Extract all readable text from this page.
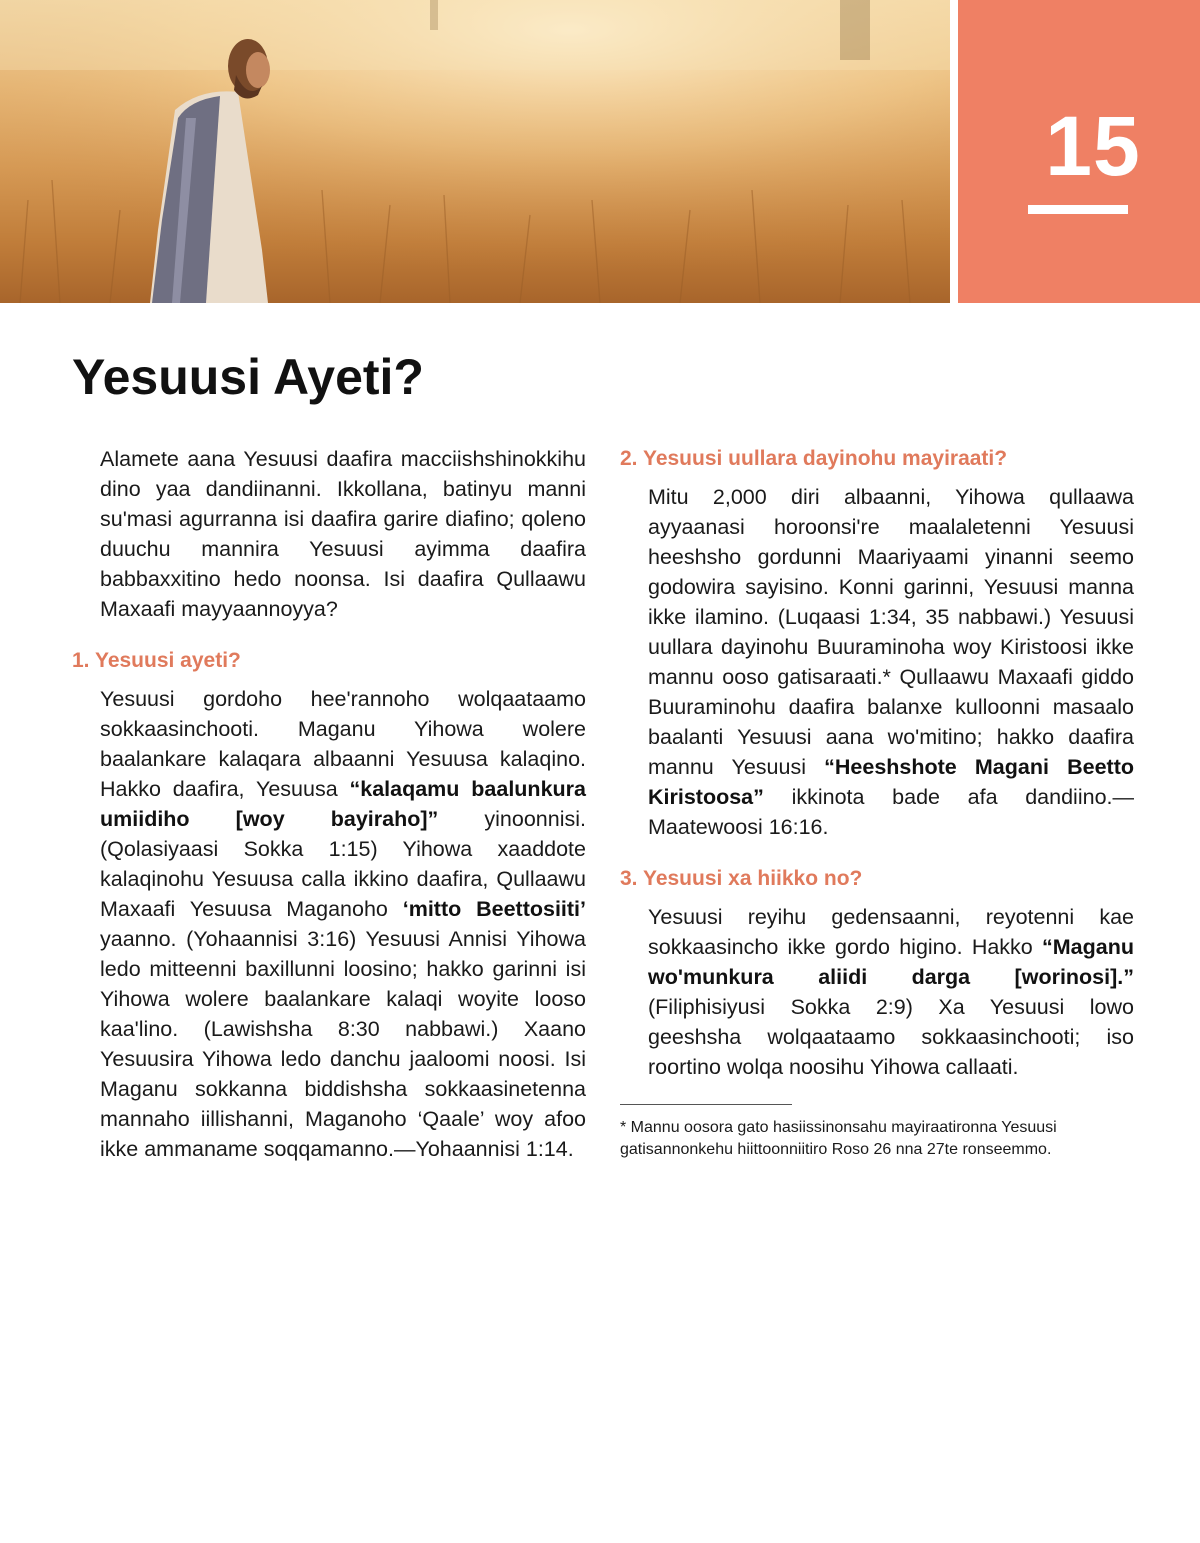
15
Yesuusi Ayeti?

Alamete aana Yesuusi daafira macciishshinokkihu dino yaa dandiinanni. Ikkollana, batinyu manni su'masi agurranna isi daafira garire diafino; qoleno duuchu mannira Yesuusi ayimma daafira babbaxxitino hedo noonsa. Isi daafira Qullaawu Maxaafi mayyaannoyya?

1. Yesuusi ayeti?

Yesuusi gordoho hee'rannoho wolqaataamo sokkaasinchooti. Maganu Yihowa wolere baalankare kalaqara albaanni Yesuusa kalaqino. Hakko daafira, Yesuusa “kalaqamu baalunkura umiidiho [woy bayiraho]” yinoonnisi. (Qolasiyaasi Sokka 1:15) Yihowa xaaddote kalaqinohu Yesuusa calla ikkino daafira, Qullaawu Maxaafi Yesuusa Maganoho ‘mitto Beettosiiti’ yaanno. (Yohaannisi 3:16) Yesuusi Annisi Yihowa ledo mitteenni baxillunni loosino; hakko garinni isi Yihowa wolere baalankare kalaqi woyite looso kaa'lino. (Lawishsha 8:30 nabbawi.) Xaano Yesuusira Yihowa ledo danchu jaaloomi noosi. Isi Maganu sokkanna biddishsha sokkaasinetenna mannaho iillishanni, Maganoho ‘Qaale’ woy afoo ikke ammaname soqqamanno.—Yohaannisi 1:14.

2. Yesuusi uullara dayinohu mayiraati?

Mitu 2,000 diri albaanni, Yihowa qullaawa ayyaanasi horoonsi're maalaletenni Yesuusi heeshsho gordunni Maariyaami yinanni seemo godowira sayisino. Konni garinni, Yesuusi manna ikke ilamino. (Luqaasi 1:34, 35 nabbawi.) Yesuusi uullara dayinohu Buuraminoha woy Kiristoosi ikke mannu ooso gatisaraati.* Qullaawu Maxaafi giddo Buuraminohu daafira balanxe kulloonni masaalo baalanti Yesuusi aana wo'mitino; hakko daafira mannu Yesuusi “Heeshshote Magani Beetto Kiristoosa” ikkinota bade afa dandiino.—Maatewoosi 16:16.

3. Yesuusi xa hiikko no?

Yesuusi reyihu gedensaanni, reyotenni kae sokkaasincho ikke gordo higino. Hakko “Maganu wo'munkura aliidi darga [worinosi].” (Filiphisiyusi Sokka 2:9) Xa Yesuusi lowo geeshsha wolqaataamo sokkaasinchooti; iso roortino wolqa noosihu Yihowa callaati.

* Mannu oosora gato hasiissinonsahu mayiraatironna Yesuusi gatisannonkehu hiittoonniitiro Roso 26 nna 27te ronseemmo.
